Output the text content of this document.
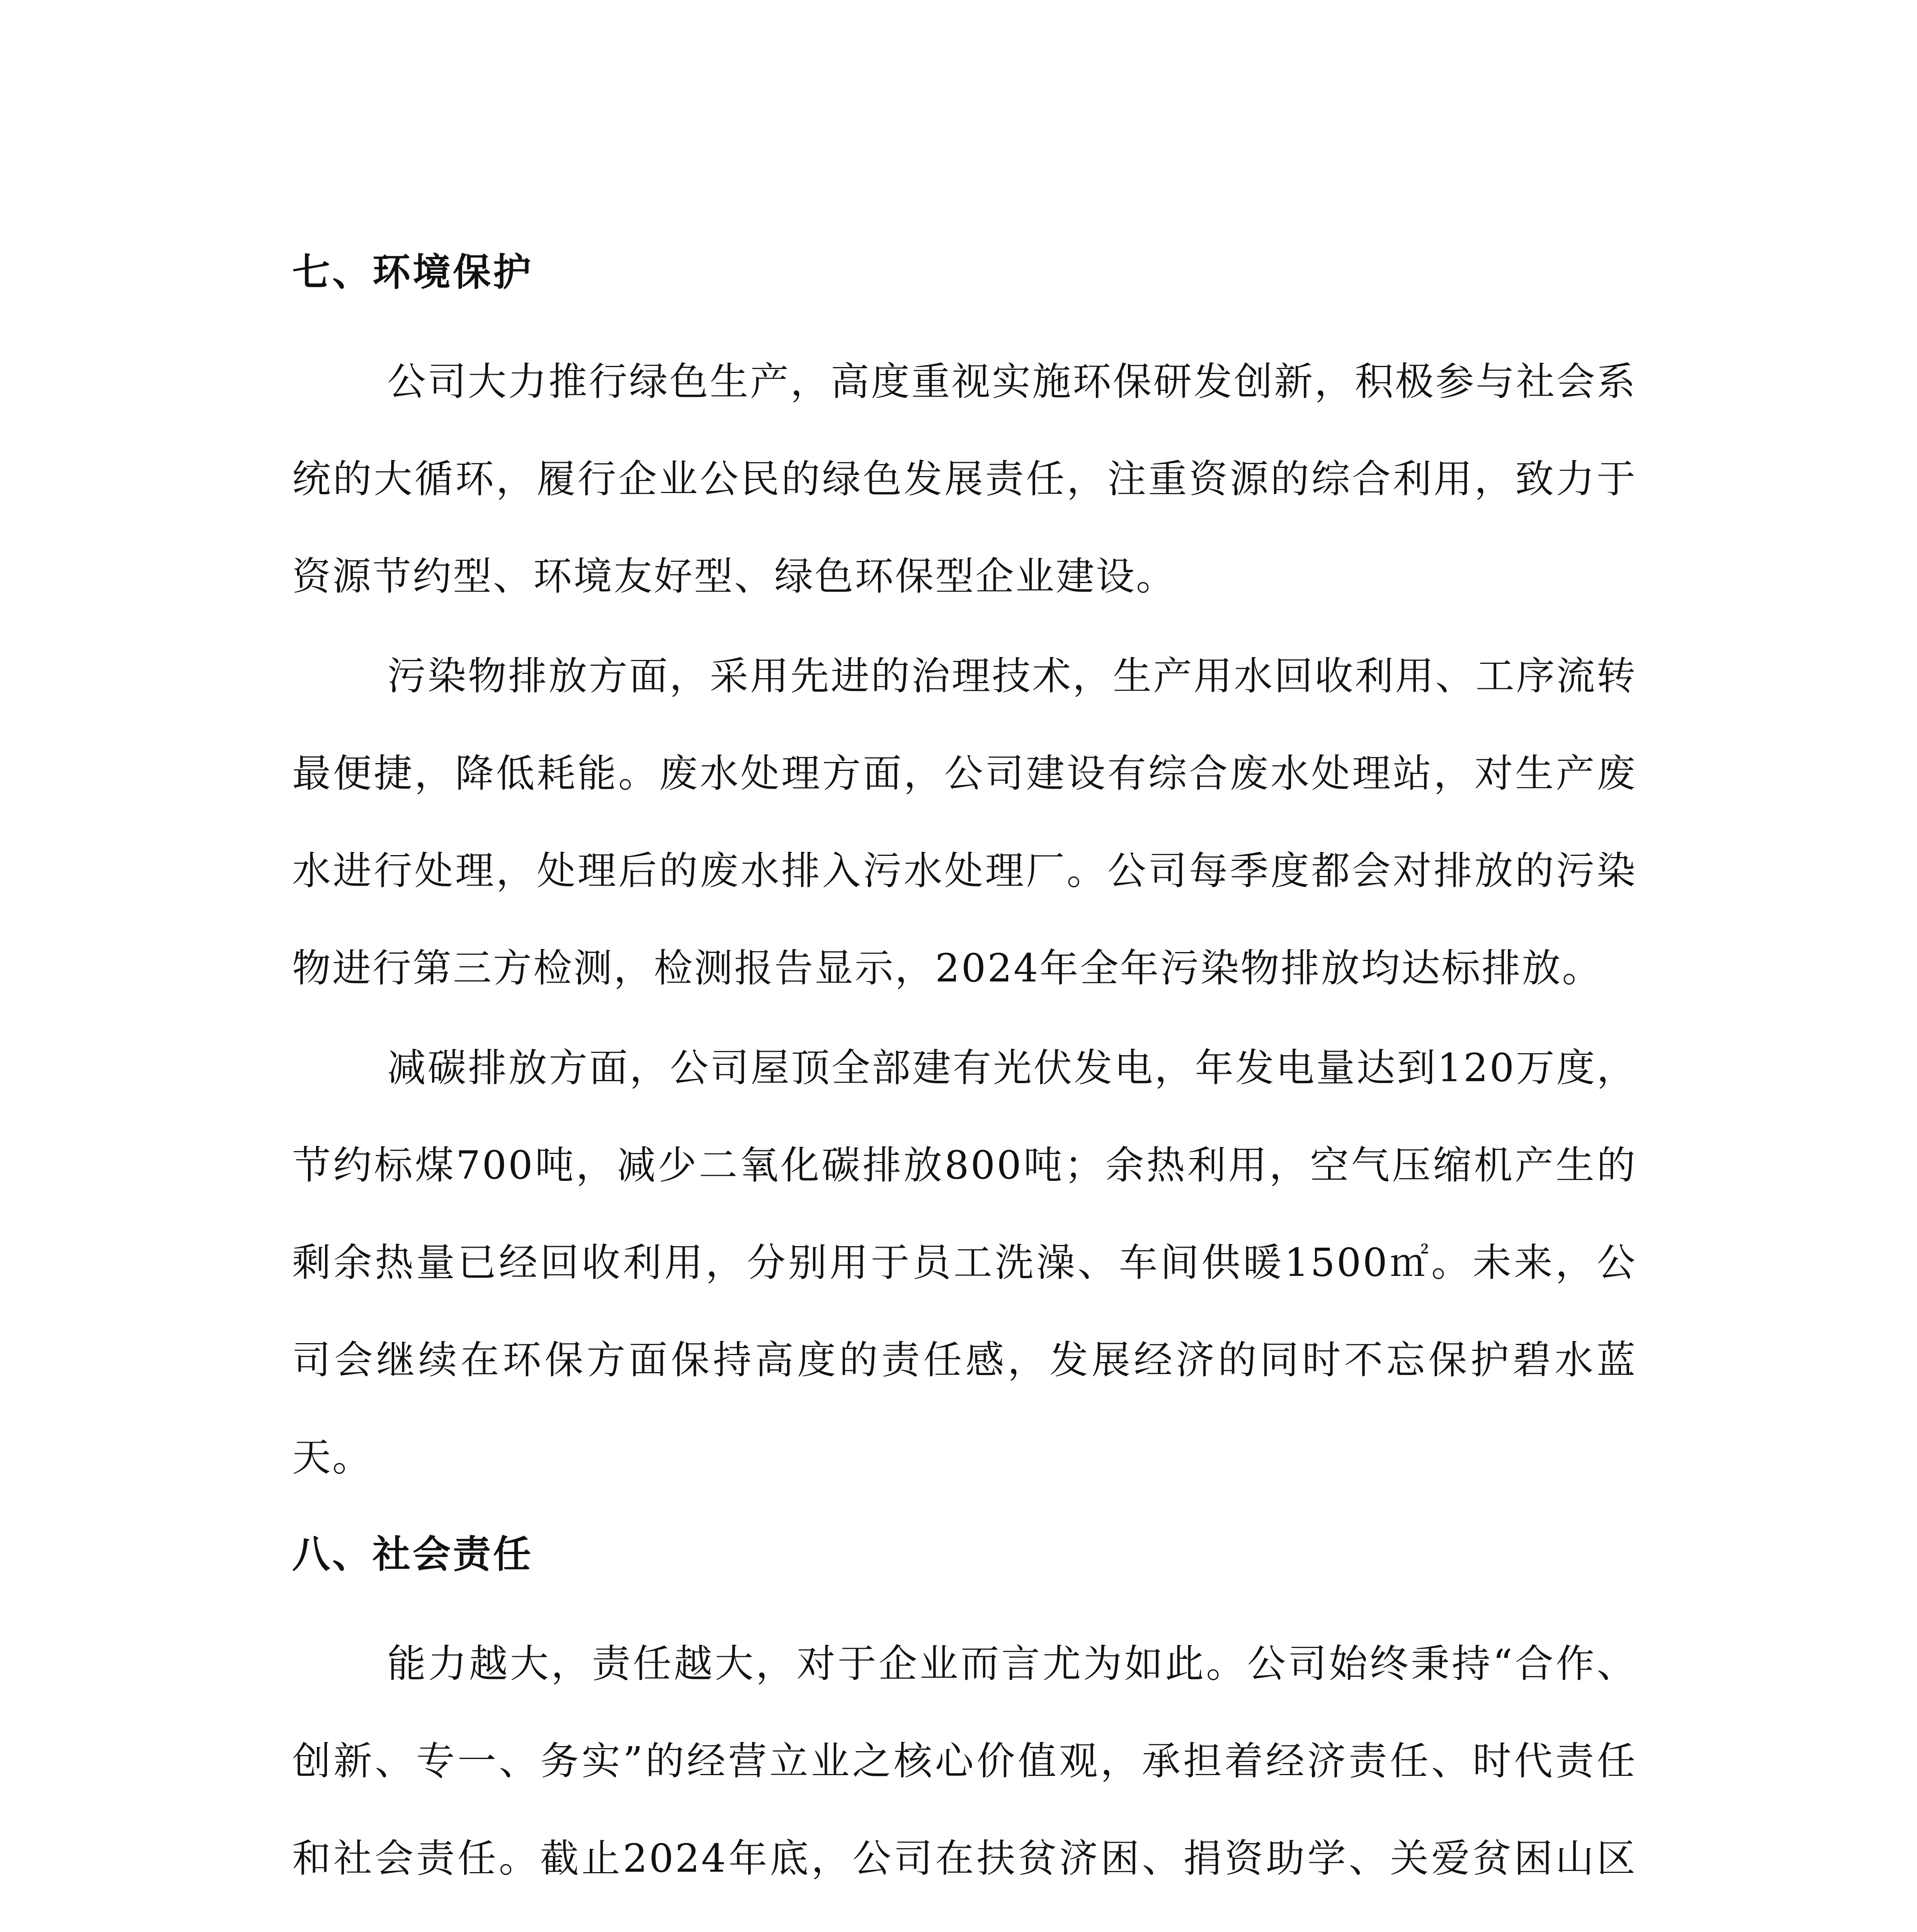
七、环境保护

公司大力推行绿色生产，高度重视实施环保研发创新，积极参与社会系统的大循环，履行企业公民的绿色发展责任，注重资源的综合利用，致力于资源节约型、环境友好型、绿色环保型企业建设。

污染物排放方面，采用先进的治理技术，生产用水回收利用、工序流转最便捷，降低耗能。废水处理方面，公司建设有综合废水处理站，对生产废水进行处理，处理后的废水排入污水处理厂。公司每季度都会对排放的污染物进行第三方检测，检测报告显示，2024年全年污染物排放均达标排放。

减碳排放方面，公司屋顶全部建有光伏发电，年发电量达到120万度，节约标煤700吨，减少二氧化碳排放800吨；余热利用，空气压缩机产生的剩余热量已经回收利用，分别用于员工洗澡、车间供暖1500㎡。未来，公司会继续在环保方面保持高度的责任感，发展经济的同时不忘保护碧水蓝天。

八、社会责任

能力越大，责任越大，对于企业而言尤为如此。公司始终秉持“合作、创新、专一、务实”的经营立业之核心价值观，承担着经济责任、时代责任和社会责任。截止2024年底，公司在扶贫济困、捐资助学、关爱贫困山区
